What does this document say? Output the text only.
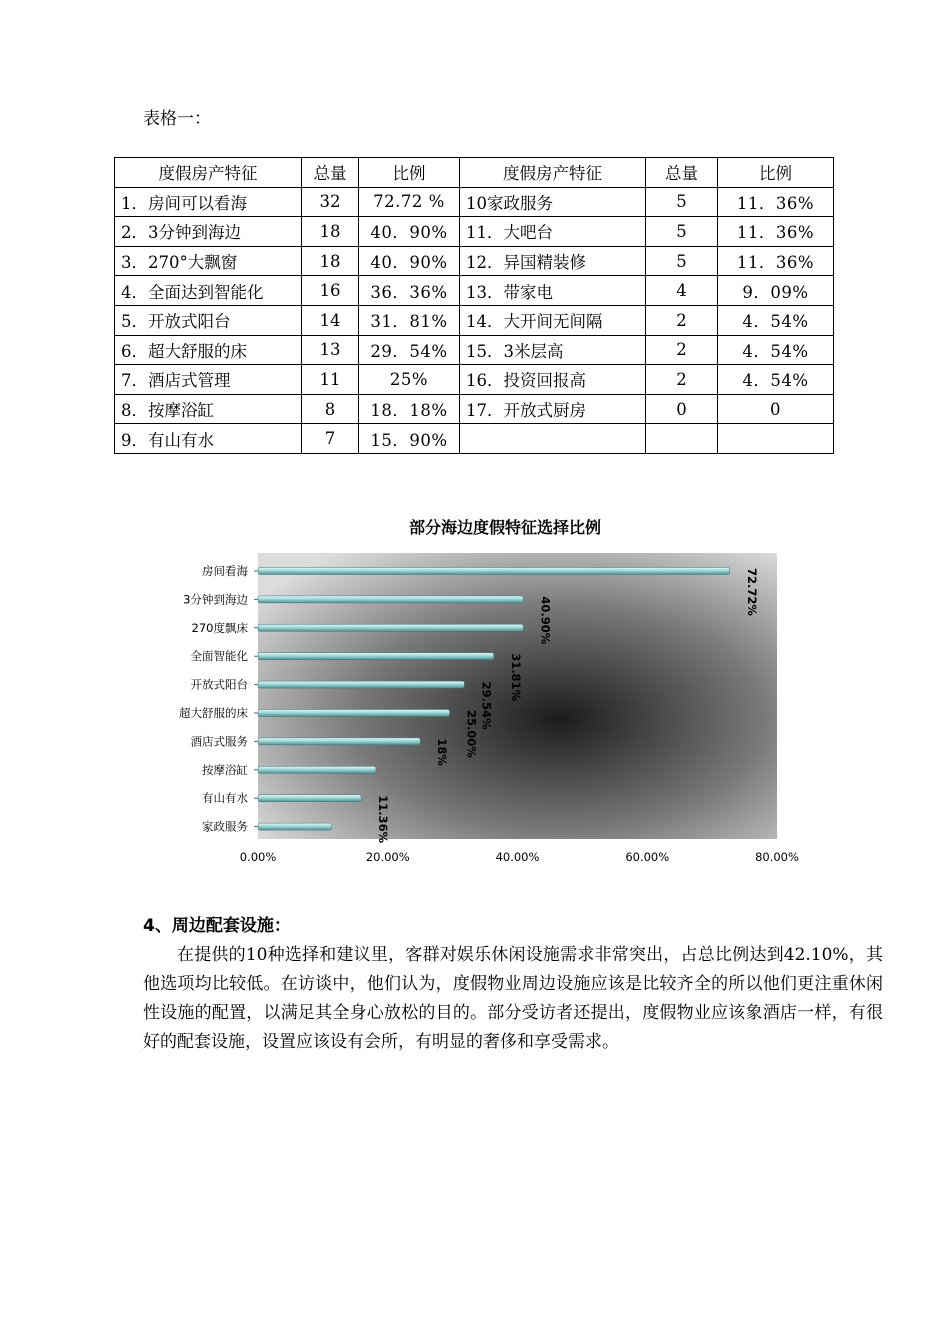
表格一：
度假房产特征	总量	比例	度假房产特征	总量	比例
1．房间可以看海	32	72.72 %	10家政服务	5	11．36%
2．3分钟到海边	18	40．90%	11．大吧台	5	11．36%
3．270°大飘窗	18	40．90%	12．异国精装修	5	11．36%
4．全面达到智能化	16	36．36%	13．带家电	4	9．09%
5．开放式阳台	14	31．81%	14．大开间无间隔	2	4．54%
6．超大舒服的床	13	29．54%	15．3米层高	2	4．54%
7．酒店式管理	11	25%	16．投资回报高	2	4．54%
8．按摩浴缸	8	18．18%	17．开放式厨房	0	0
9．有山有水	7	15．90%			
部分海边度假特征选择比例
房间看海	72.72%
3分钟到海边	40.90%
270度飘床
全面智能化	31.81%
开放式阳台	29.54%
超大舒服的床	25.00%
酒店式服务	18%
按摩浴缸
有山有水	11.36%
家政服务
0.00%	20.00%	40.00%	60.00%	80.00%
4、周边配套设施：

在提供的10种选择和建议里，客群对娱乐休闲设施需求非常突出，占总比例达到42.10%，其他选项均比较低。在访谈中，他们认为，度假物业周边设施应该是比较齐全的所以他们更注重休闲性设施的配置，以满足其全身心放松的目的。部分受访者还提出，度假物业应该象酒店一样，有很好的配套设施，设置应该设有会所，有明显的奢侈和享受需求。
